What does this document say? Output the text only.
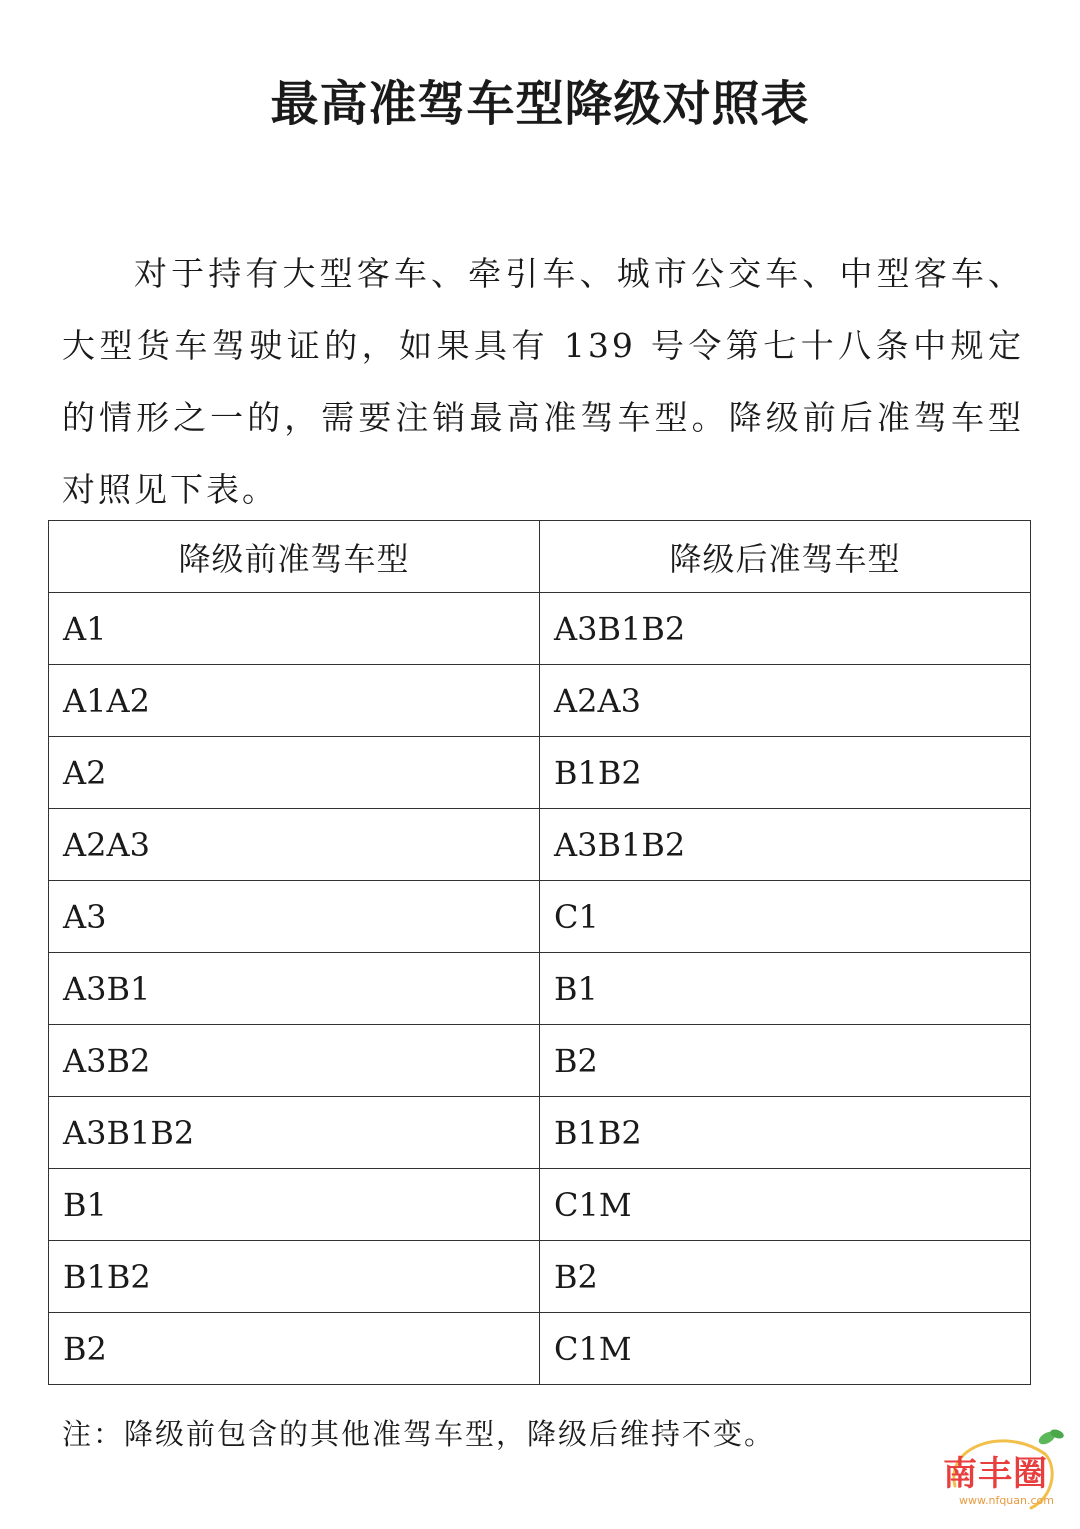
最高准驾车型降级对照表

对于持有大型客车、牵引车、城市公交车、中型客车、大型货车驾驶证的，如果具有 139 号令第七十八条中规定的情形之一的，需要注销最高准驾车型。降级前后准驾车型对照见下表。

降级前准驾车型	降级后准驾车型
A1	A3B1B2
A1A2	A2A3
A2	B1B2
A2A3	A3B1B2
A3	C1
A3B1	B1
A3B2	B2
A3B1B2	B1B2
B1	C1M
B1B2	B2
B2	C1M
注：降级前包含的其他准驾车型，降级后维持不变。
南丰圈
www.nfquan.com
